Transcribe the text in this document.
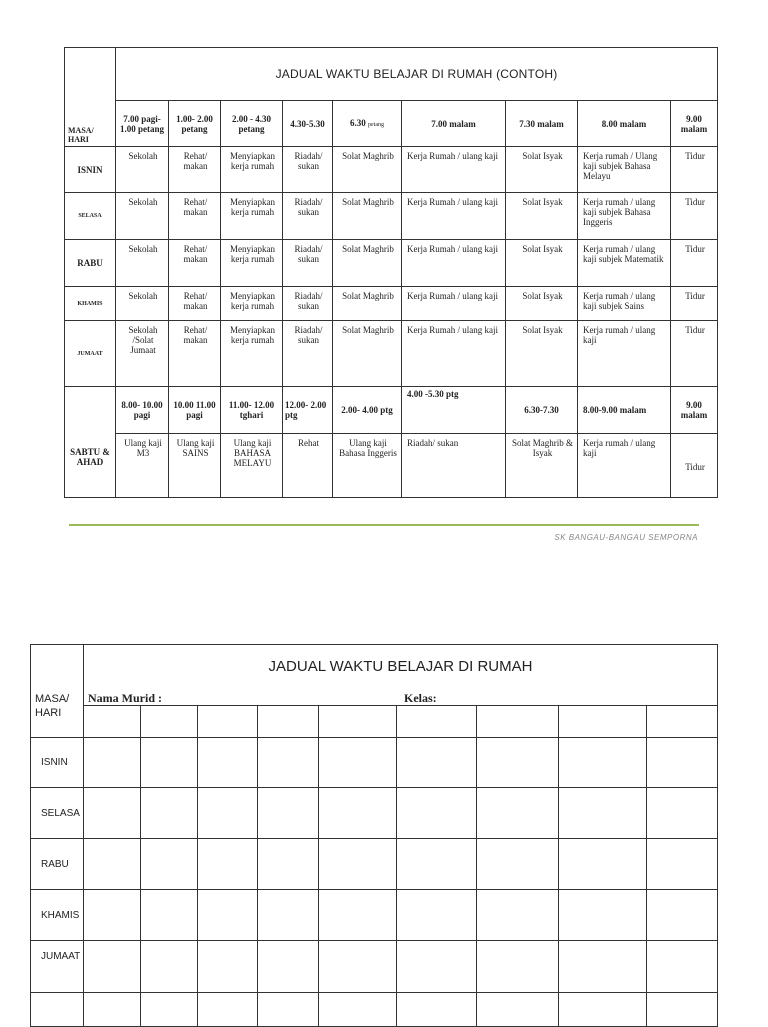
MASA/ HARI	JADUAL WAKTU BELAJAR DI RUMAH (CONTOH)								
	7.00 pagi- 1.00 petang	1.00- 2.00 petang	2.00 - 4.30 petang	4.30-5.30	6.30 petang	7.00 malam	7.30 malam	8.00 malam	9.00 malam
ISNIN	Sekolah	Rehat/ makan	Menyiapkan kerja rumah	Riadah/ sukan	Solat Maghrib	Kerja Rumah / ulang kaji	Solat Isyak	Kerja rumah / Ulang kaji subjek Bahasa Melayu	Tidur
SELASA	Sekolah	Rehat/ makan	Menyiapkan kerja rumah	Riadah/ sukan	Solat Maghrib	Kerja Rumah / ulang kaji	Solat Isyak	Kerja rumah / ulang kaji subjek Bahasa Inggeris	Tidur
RABU	Sekolah	Rehat/ makan	Menyiapkan kerja rumah	Riadah/ sukan	Solat Maghrib	Kerja Rumah / ulang kaji	Solat Isyak	Kerja rumah / ulang kaji subjek Matematik	Tidur
KHAMIS	Sekolah	Rehat/ makan	Menyiapkan kerja rumah	Riadah/ sukan	Solat Maghrib	Kerja Rumah / ulang kaji	Solat Isyak	Kerja rumah / ulang kaji subjek Sains	Tidur
JUMAAT	Sekolah /Solat Jumaat	Rehat/ makan	Menyiapkan kerja rumah	Riadah/ sukan	Solat Maghrib	Kerja Rumah / ulang kaji	Solat Isyak	Kerja rumah / ulang kaji	Tidur
SABTU & AHAD	8.00- 10.00 pagi	10.00 11.00 pagi	11.00- 12.00 tghari	12.00- 2.00 ptg	2.00- 4.00 ptg	4.00 -5.30 ptg	6.30-7.30	8.00-9.00 malam	9.00 malam
	Ulang kaji M3	Ulang kaji SAINS	Ulang kaji BAHASA MELAYU	Rehat	Ulang kaji Bahasa Inggeris	Riadah/ sukan	Solat Maghrib & Isyak	Kerja rumah / ulang kaji	Tidur
SK BANGAU-BANGAU SEMPORNA
MASA/ HARI	JADUAL WAKTU BELAJAR DI RUMAH								

ISNIN									
SELASA									
RABU									
KHAMIS									
JUMAAT									

Nama Murid :	Kelas:
